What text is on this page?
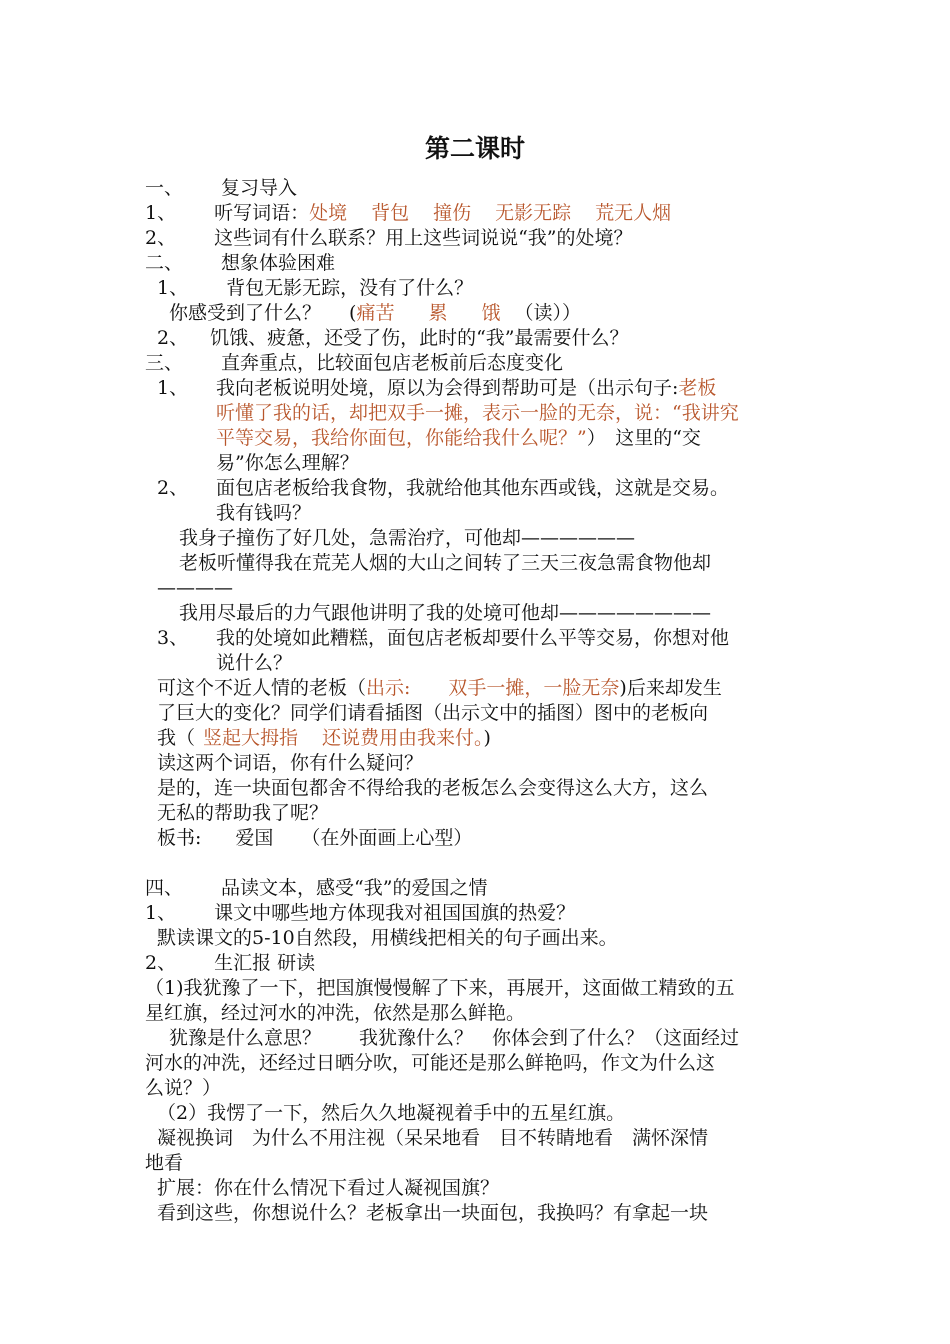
第二课时
一、 复习导入
1、 听写词语：处境 背包 撞伤 无影无踪 荒无人烟
2、 这些词有什么联系？用上这些词说说“我”的处境？
二、 想象体验困难
1、 背包无影无踪，没有了什么？
你感受到了什么？ (痛苦 累 饿 （读））
2、 饥饿、疲惫，还受了伤，此时的“我”最需要什么？
三、 直奔重点，比较面包店老板前后态度变化
1、 我向老板说明处境，原以为会得到帮助可是（出示句子:老板
听懂了我的话，却把双手一摊，表示一脸的无奈，说：“我讲究
平等交易，我给你面包，你能给我什么呢？”）　这里的“交
易”你怎么理解？
2、 面包店老板给我食物，我就给他其他东西或钱，这就是交易。
我有钱吗？
我身子撞伤了好几处，急需治疗，可他却——————
老板听懂得我在荒芜人烟的大山之间转了三天三夜急需食物他却
————
我用尽最后的力气跟他讲明了我的处境可他却————————
3、 我的处境如此糟糕，面包店老板却要什么平等交易，你想对他
说什么？
可这个不近人情的老板（出示:　　双手一摊，一脸无奈)后来却发生
了巨大的变化？同学们请看插图（出示文中的插图）图中的老板向
我（ 竖起大拇指 还说费用由我来付。)
读这两个词语，你有什么疑问？
是的，连一块面包都舍不得给我的老板怎么会变得这么大方，这么
无私的帮助我了呢？
板书: 爱国 （在外面画上心型）
四、 品读文本，感受“我”的爱国之情
1、 课文中哪些地方体现我对祖国国旗的热爱？
默读课文的5-10自然段，用横线把相关的句子画出来。
2、 生汇报 研读
（1)我犹豫了一下，把国旗慢慢解了下来，再展开，这面做工精致的五
星红旗，经过河水的冲洗，依然是那么鲜艳。
犹豫是什么意思？　　我犹豫什么？　你体会到了什么？（这面经过
河水的冲洗，还经过日晒分吹，可能还是那么鲜艳吗，作文为什么这
么说？）
（2）我愣了一下，然后久久地凝视着手中的五星红旗。
凝视换词　为什么不用注视（呆呆地看　目不转睛地看　满怀深情
地看
扩展：你在什么情况下看过人凝视国旗？
看到这些，你想说什么？老板拿出一块面包，我换吗？有拿起一块
